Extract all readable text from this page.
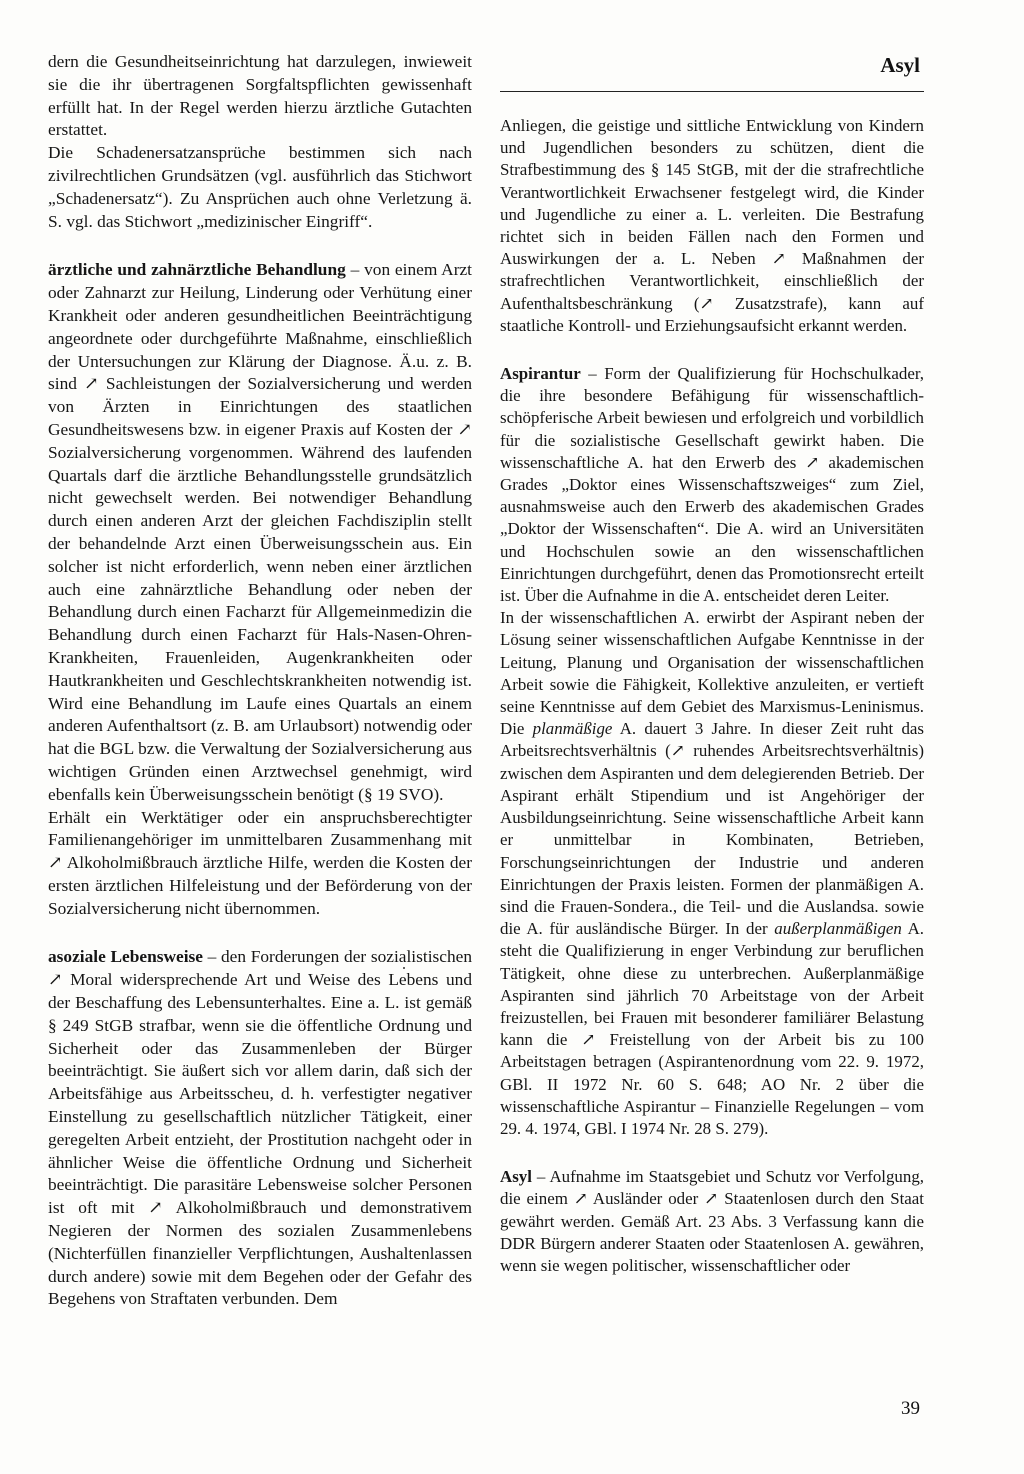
Asyl

dern die Gesundheitseinrichtung hat darzulegen, inwieweit sie die ihr übertragenen Sorgfaltspflichten gewissenhaft erfüllt hat. In der Regel werden hierzu ärztliche Gutachten erstattet.

Die Schadenersatzansprüche bestimmen sich nach zivilrechtlichen Grundsätzen (vgl. ausführlich das Stichwort „Schadenersatz“). Zu Ansprüchen auch ohne Verletzung ä. S. vgl. das Stichwort „medizinischer Eingriff“.

ärztliche und zahnärztliche Behandlung – von einem Arzt oder Zahnarzt zur Heilung, Linderung oder Verhütung einer Krankheit oder anderen gesundheitlichen Beeinträchtigung angeordnete oder durchgeführte Maßnahme, einschließlich der Untersuchungen zur Klärung der Diagnose. Ä.u. z. B. sind ↗ Sachleistungen der Sozialversicherung und werden von Ärzten in Einrichtungen des staatlichen Gesundheitswesens bzw. in eigener Praxis auf Kosten der ↗ Sozialversicherung vorgenommen. Während des laufenden Quartals darf die ärztliche Behandlungsstelle grundsätzlich nicht gewechselt werden. Bei notwendiger Behandlung durch einen anderen Arzt der gleichen Fachdisziplin stellt der behandelnde Arzt einen Überweisungsschein aus. Ein solcher ist nicht erforderlich, wenn neben einer ärztlichen auch eine zahnärztliche Behandlung oder neben der Behandlung durch einen Facharzt für Allgemeinmedizin die Behandlung durch einen Facharzt für Hals-Nasen-Ohren-Krankheiten, Frauenleiden, Augenkrankheiten oder Hautkrankheiten und Geschlechtskrankheiten notwendig ist. Wird eine Behandlung im Laufe eines Quartals an einem anderen Aufenthaltsort (z. B. am Urlaubsort) notwendig oder hat die BGL bzw. die Verwaltung der Sozialversicherung aus wichtigen Gründen einen Arztwechsel genehmigt, wird ebenfalls kein Überweisungsschein benötigt (§ 19 SVO).

Erhält ein Werktätiger oder ein anspruchsberechtigter Familienangehöriger im unmittelbaren Zusammenhang mit ↗ Alkoholmißbrauch ärztliche Hilfe, werden die Kosten der ersten ärztlichen Hilfeleistung und der Beförderung von der Sozialversicherung nicht übernommen.

asoziale Lebensweise – den Forderungen der sozialistischen ↗ Moral widersprechende Art und Weise des Lebens und der Beschaffung des Lebensunterhaltes. Eine a. L. ist gemäß § 249 StGB strafbar, wenn sie die öffentliche Ordnung und Sicherheit oder das Zusammenleben der Bürger beeinträchtigt. Sie äußert sich vor allem darin, daß sich der Arbeitsfähige aus Arbeitsscheu, d. h. verfestigter negativer Einstellung zu gesellschaftlich nützlicher Tätigkeit, einer geregelten Arbeit entzieht, der Prostitution nachgeht oder in ähnlicher Weise die öffentliche Ordnung und Sicherheit beeinträchtigt. Die parasitäre Lebensweise solcher Personen ist oft mit ↗ Alkoholmißbrauch und demonstrativem Negieren der Normen des sozialen Zusammenlebens (Nichterfüllen finanzieller Verpflichtungen, Aushaltenlassen durch andere) sowie mit dem Begehen oder der Gefahr des Begehens von Straftaten verbunden. Dem

Anliegen, die geistige und sittliche Entwicklung von Kindern und Jugendlichen besonders zu schützen, dient die Strafbestimmung des § 145 StGB, mit der die strafrechtliche Verantwortlichkeit Erwachsener festgelegt wird, die Kinder und Jugendliche zu einer a. L. verleiten. Die Bestrafung richtet sich in beiden Fällen nach den Formen und Auswirkungen der a. L. Neben ↗ Maßnahmen der strafrechtlichen Verantwortlichkeit, einschließlich der Aufenthaltsbeschränkung (↗ Zusatzstrafe), kann auf staatliche Kontroll- und Erziehungsaufsicht erkannt werden.

Aspirantur – Form der Qualifizierung für Hochschulkader, die ihre besondere Befähigung für wissenschaftlich-schöpferische Arbeit bewiesen und erfolgreich und vorbildlich für die sozialistische Gesellschaft gewirkt haben. Die wissenschaftliche A. hat den Erwerb des ↗ akademischen Grades „Doktor eines Wissenschaftszweiges“ zum Ziel, ausnahmsweise auch den Erwerb des akademischen Grades „Doktor der Wissenschaften“. Die A. wird an Universitäten und Hochschulen sowie an den wissenschaftlichen Einrichtungen durchgeführt, denen das Promotionsrecht erteilt ist. Über die Aufnahme in die A. entscheidet deren Leiter.

In der wissenschaftlichen A. erwirbt der Aspirant neben der Lösung seiner wissenschaftlichen Aufgabe Kenntnisse in der Leitung, Planung und Organisation der wissenschaftlichen Arbeit sowie die Fähigkeit, Kollektive anzuleiten, er vertieft seine Kenntnisse auf dem Gebiet des Marxismus-Leninismus. Die planmäßige A. dauert 3 Jahre. In dieser Zeit ruht das Arbeitsrechtsverhältnis (↗ ruhendes Arbeitsrechtsverhältnis) zwischen dem Aspiranten und dem delegierenden Betrieb. Der Aspirant erhält Stipendium und ist Angehöriger der Ausbildungseinrichtung. Seine wissenschaftliche Arbeit kann er unmittelbar in Kombinaten, Betrieben, Forschungseinrichtungen der Industrie und anderen Einrichtungen der Praxis leisten. Formen der planmäßigen A. sind die Frauen-Sondera., die Teil- und die Auslandsa. sowie die A. für ausländische Bürger. In der außerplanmäßigen A. steht die Qualifizierung in enger Verbindung zur beruflichen Tätigkeit, ohne diese zu unterbrechen. Außerplanmäßige Aspiranten sind jährlich 70 Arbeitstage von der Arbeit freizustellen, bei Frauen mit besonderer familiärer Belastung kann die ↗ Freistellung von der Arbeit bis zu 100 Arbeitstagen betragen (Aspirantenordnung vom 22. 9. 1972, GBl. II 1972 Nr. 60 S. 648; AO Nr. 2 über die wissenschaftliche Aspirantur – Finanzielle Regelungen – vom 29. 4. 1974, GBl. I 1974 Nr. 28 S. 279).

Asyl – Aufnahme im Staatsgebiet und Schutz vor Verfolgung, die einem ↗ Ausländer oder ↗ Staatenlosen durch den Staat gewährt werden. Gemäß Art. 23 Abs. 3 Verfassung kann die DDR Bürgern anderer Staaten oder Staatenlosen A. gewähren, wenn sie wegen politischer, wissenschaftlicher oder

39
